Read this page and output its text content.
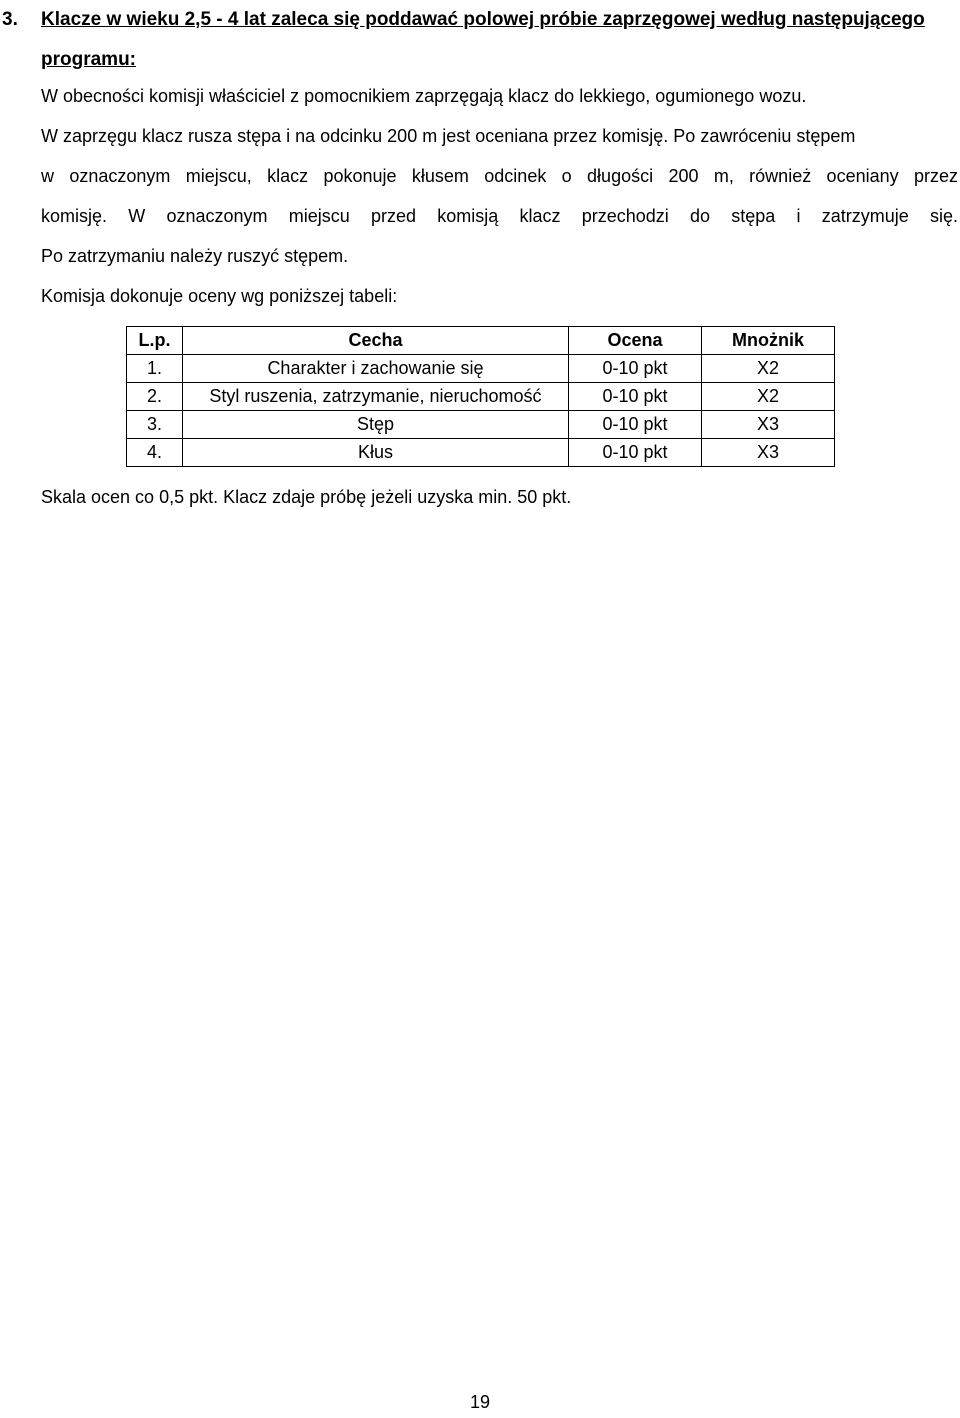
3. Klacze w wieku 2,5 - 4 lat zaleca się poddawać polowej próbie zaprzęgowej według następującego programu:
W obecności komisji właściciel z pomocnikiem zaprzęgają klacz do lekkiego, ogumionego wozu.
W zaprzęgu klacz rusza stępa i na odcinku 200 m jest oceniana przez komisję. Po zawróceniu stępem
w oznaczonym miejscu, klacz pokonuje kłusem odcinek o długości 200 m, również oceniany przez
komisję. W oznaczonym miejscu przed komisją klacz przechodzi do stępa i zatrzymuje się.
Po zatrzymaniu należy ruszyć stępem.
Komisja dokonuje oceny wg poniższej tabeli:
L.p.	Cecha	Ocena	Mnożnik
1.	Charakter i zachowanie się	0-10 pkt	X2
2.	Styl ruszenia, zatrzymanie, nieruchomość	0-10 pkt	X2
3.	Stęp	0-10 pkt	X3
4.	Kłus	0-10 pkt	X3
Skala ocen co 0,5 pkt. Klacz zdaje próbę jeżeli uzyska min. 50 pkt.
19
